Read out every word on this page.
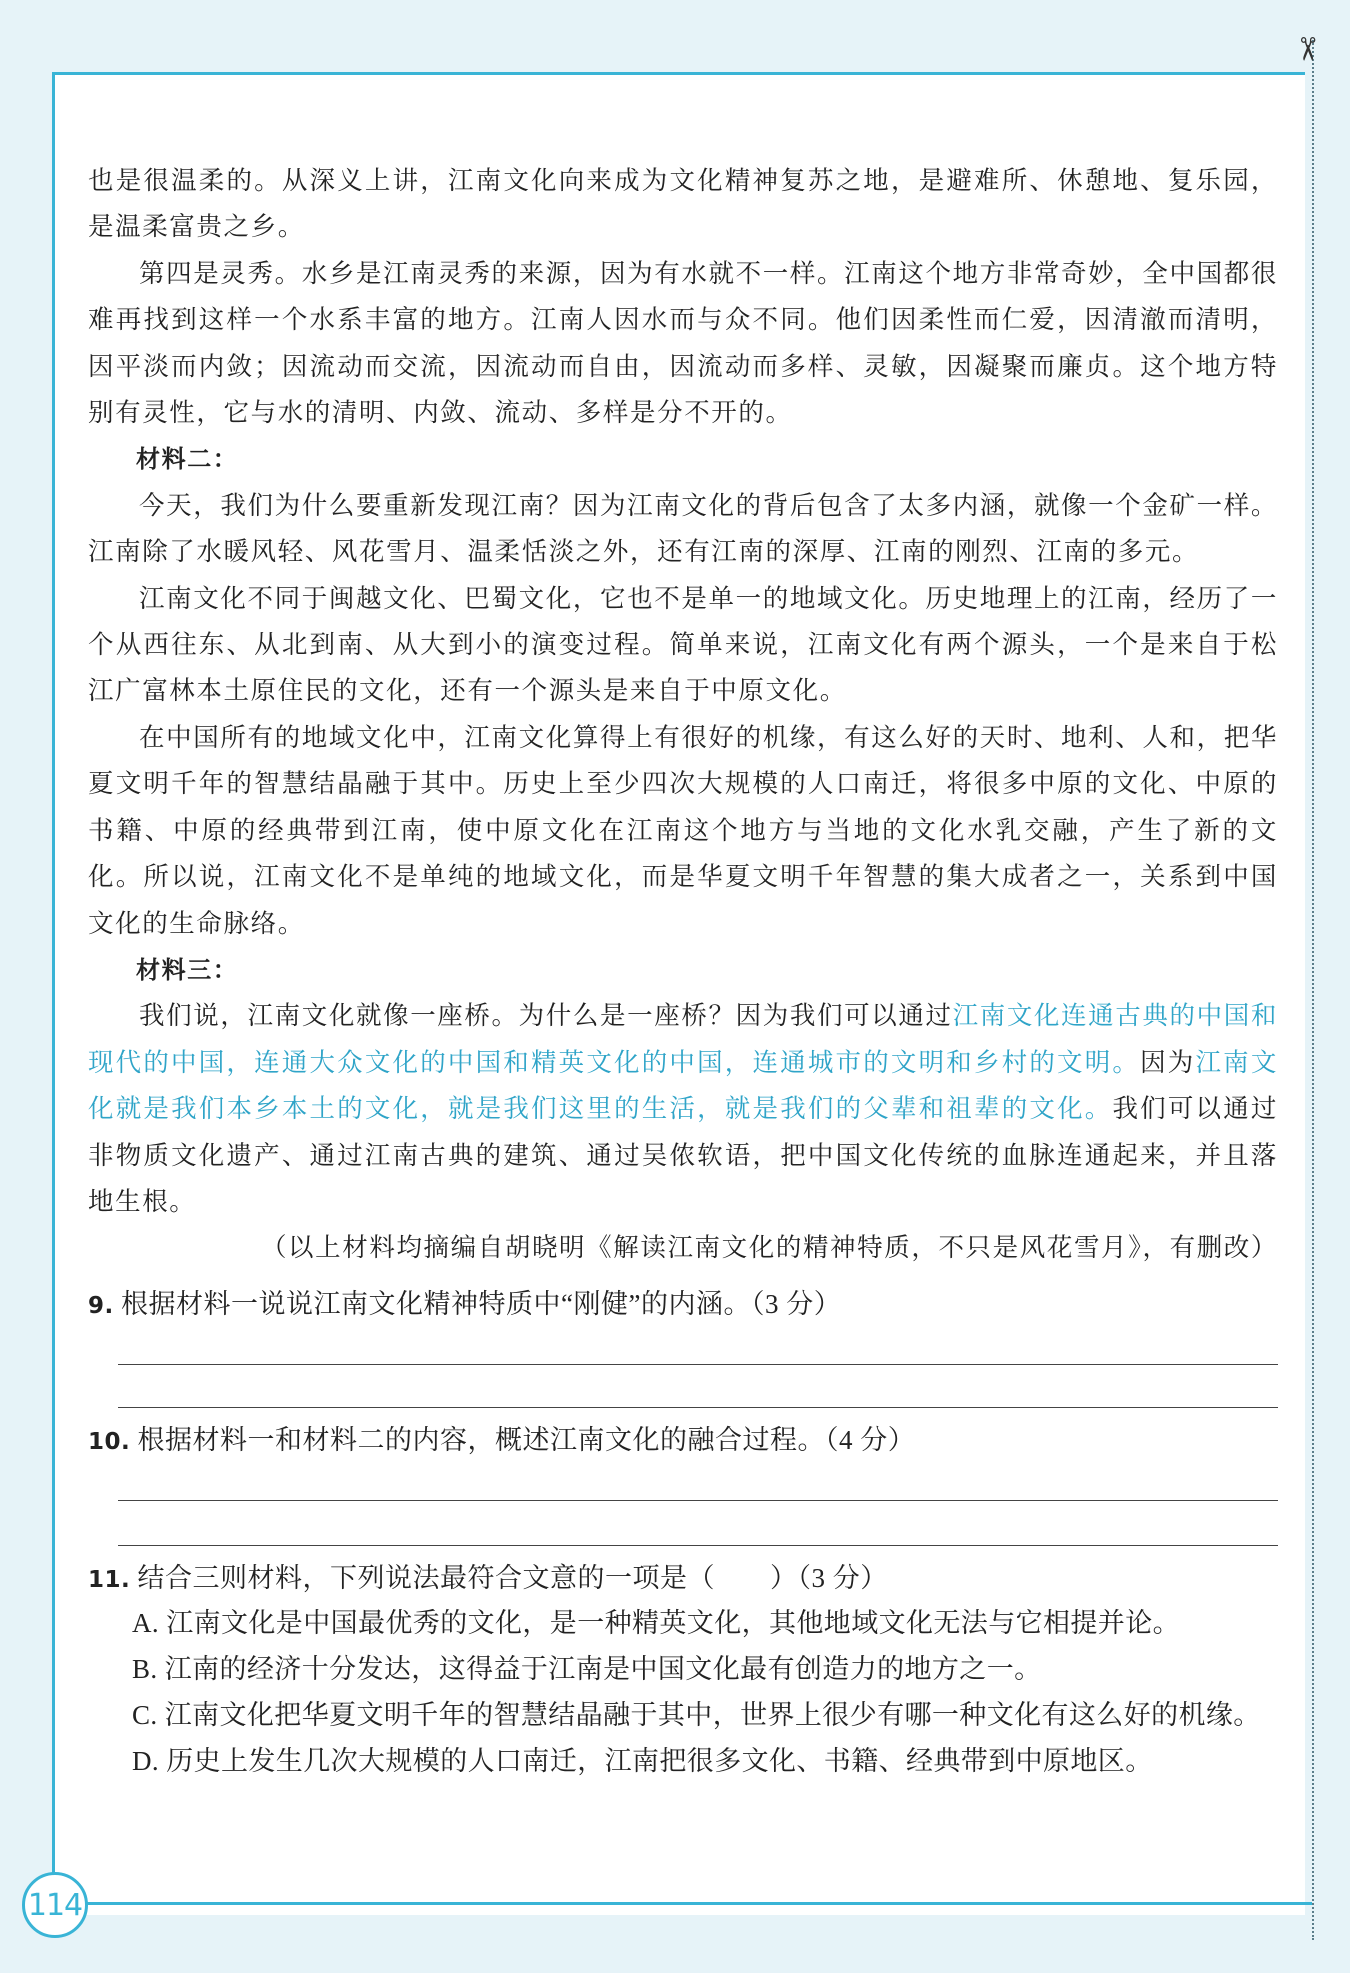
✂
114

也是很温柔的。从深义上讲，江南文化向来成为文化精神复苏之地，是避难所、休憩地、复乐园，是温柔富贵之乡。

第四是灵秀。水乡是江南灵秀的来源，因为有水就不一样。江南这个地方非常奇妙，全中国都很难再找到这样一个水系丰富的地方。江南人因水而与众不同。他们因柔性而仁爱，因清澈而清明，因平淡而内敛；因流动而交流，因流动而自由，因流动而多样、灵敏，因凝聚而廉贞。这个地方特别有灵性，它与水的清明、内敛、流动、多样是分不开的。

材料二：

今天，我们为什么要重新发现江南？因为江南文化的背后包含了太多内涵，就像一个金矿一样。江南除了水暖风轻、风花雪月、温柔恬淡之外，还有江南的深厚、江南的刚烈、江南的多元。

江南文化不同于闽越文化、巴蜀文化，它也不是单一的地域文化。历史地理上的江南，经历了一个从西往东、从北到南、从大到小的演变过程。简单来说，江南文化有两个源头，一个是来自于松江广富林本土原住民的文化，还有一个源头是来自于中原文化。

在中国所有的地域文化中，江南文化算得上有很好的机缘，有这么好的天时、地利、人和，把华夏文明千年的智慧结晶融于其中。历史上至少四次大规模的人口南迁，将很多中原的文化、中原的书籍、中原的经典带到江南，使中原文化在江南这个地方与当地的文化水乳交融，产生了新的文化。所以说，江南文化不是单纯的地域文化，而是华夏文明千年智慧的集大成者之一，关系到中国文化的生命脉络。

材料三：

我们说，江南文化就像一座桥。为什么是一座桥？因为我们可以通过江南文化连通古典的中国和现代的中国，连通大众文化的中国和精英文化的中国，连通城市的文明和乡村的文明。因为江南文化就是我们本乡本土的文化，就是我们这里的生活，就是我们的父辈和祖辈的文化。我们可以通过非物质文化遗产、通过江南古典的建筑、通过吴侬软语，把中国文化传统的血脉连通起来，并且落地生根。

（以上材料均摘编自胡晓明《解读江南文化的精神特质，不只是风花雪月》，有删改）

9. 根据材料一说说江南文化精神特质中“刚健”的内涵。（3 分）

10. 根据材料一和材料二的内容，概述江南文化的融合过程。（4 分）

11. 结合三则材料，下列说法最符合文意的一项是（　　）（3 分）

A. 江南文化是中国最优秀的文化，是一种精英文化，其他地域文化无法与它相提并论。

B. 江南的经济十分发达，这得益于江南是中国文化最有创造力的地方之一。

C. 江南文化把华夏文明千年的智慧结晶融于其中，世界上很少有哪一种文化有这么好的机缘。

D. 历史上发生几次大规模的人口南迁，江南把很多文化、书籍、经典带到中原地区。
